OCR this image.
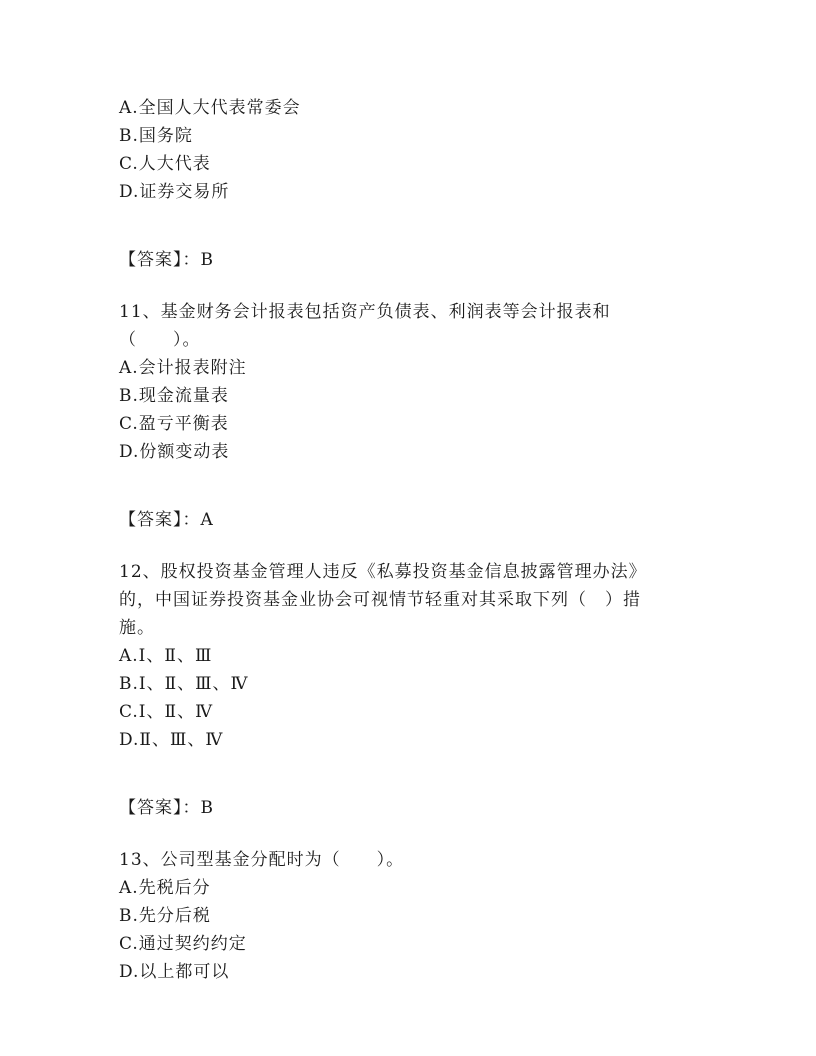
A.全国人大代表常委会
B.国务院
C.人大代表
D.证券交易所
【答案】：B
11、基金财务会计报表包括资产负债表、利润表等会计报表和
（　　）。
A.会计报表附注
B.现金流量表
C.盈亏平衡表
D.份额变动表
【答案】：A
12、股权投资基金管理人违反《私募投资基金信息披露管理办法》
的，中国证券投资基金业协会可视情节轻重对其采取下列（　）措
施。
A.Ⅰ、Ⅱ、Ⅲ
B.Ⅰ、Ⅱ、Ⅲ、Ⅳ
C.Ⅰ、Ⅱ、Ⅳ
D.Ⅱ、Ⅲ、Ⅳ
【答案】：B
13、公司型基金分配时为（　　）。
A.先税后分
B.先分后税
C.通过契约约定
D.以上都可以
